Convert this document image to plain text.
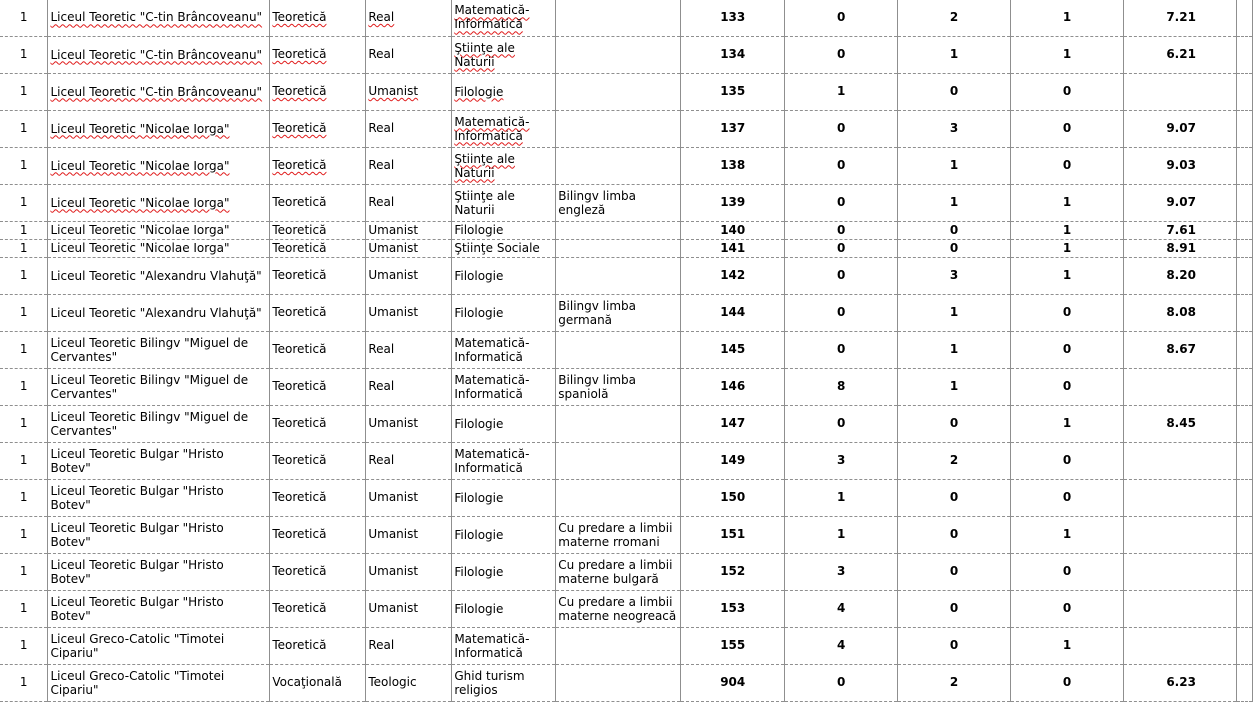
1	Liceul Teoretic "C-tin Brâncoveanu"	Teoretică	Real	Matematică-Informatică		133	0	2	1	7.21	
1	Liceul Teoretic "C-tin Brâncoveanu"	Teoretică	Real	Ştiinţe ale Naturii		134	0	1	1	6.21	
1	Liceul Teoretic "C-tin Brâncoveanu"	Teoretică	Umanist	Filologie		135	1	0	0		
1	Liceul Teoretic "Nicolae Iorga"	Teoretică	Real	Matematică-Informatică		137	0	3	0	9.07	
1	Liceul Teoretic "Nicolae Iorga"	Teoretică	Real	Ştiinţe ale Naturii		138	0	1	0	9.03	
1	Liceul Teoretic "Nicolae Iorga"	Teoretică	Real	Ştiinţe ale Naturii	Bilingv limba engleză	139	0	1	1	9.07	
1	Liceul Teoretic "Nicolae Iorga"	Teoretică	Umanist	Filologie		140	0	0	1	7.61	
1	Liceul Teoretic "Nicolae Iorga"	Teoretică	Umanist	Ştiinţe Sociale		141	0	0	1	8.91	
1	Liceul Teoretic "Alexandru Vlahuţă"	Teoretică	Umanist	Filologie		142	0	3	1	8.20	
1	Liceul Teoretic "Alexandru Vlahuţă"	Teoretică	Umanist	Filologie	Bilingv limba germană	144	0	1	0	8.08	
1	Liceul Teoretic Bilingv "Miguel de Cervantes"	Teoretică	Real	Matematică-Informatică		145	0	1	0	8.67	
1	Liceul Teoretic Bilingv "Miguel de Cervantes"	Teoretică	Real	Matematică-Informatică	Bilingv limba spaniolă	146	8	1	0		
1	Liceul Teoretic Bilingv "Miguel de Cervantes"	Teoretică	Umanist	Filologie		147	0	0	1	8.45	
1	Liceul Teoretic Bulgar "Hristo Botev"	Teoretică	Real	Matematică-Informatică		149	3	2	0		
1	Liceul Teoretic Bulgar "Hristo Botev"	Teoretică	Umanist	Filologie		150	1	0	0		
1	Liceul Teoretic Bulgar "Hristo Botev"	Teoretică	Umanist	Filologie	Cu predare a limbii materne rromani	151	1	0	1		
1	Liceul Teoretic Bulgar "Hristo Botev"	Teoretică	Umanist	Filologie	Cu predare a limbii materne bulgară	152	3	0	0		
1	Liceul Teoretic Bulgar "Hristo Botev"	Teoretică	Umanist	Filologie	Cu predare a limbii materne neogreacă	153	4	0	0		
1	Liceul Greco-Catolic "Timotei Cipariu"	Teoretică	Real	Matematică-Informatică		155	4	0	1		
1	Liceul Greco-Catolic "Timotei Cipariu"	Vocaţională	Teologic	Ghid turism religios		904	0	2	0	6.23	
